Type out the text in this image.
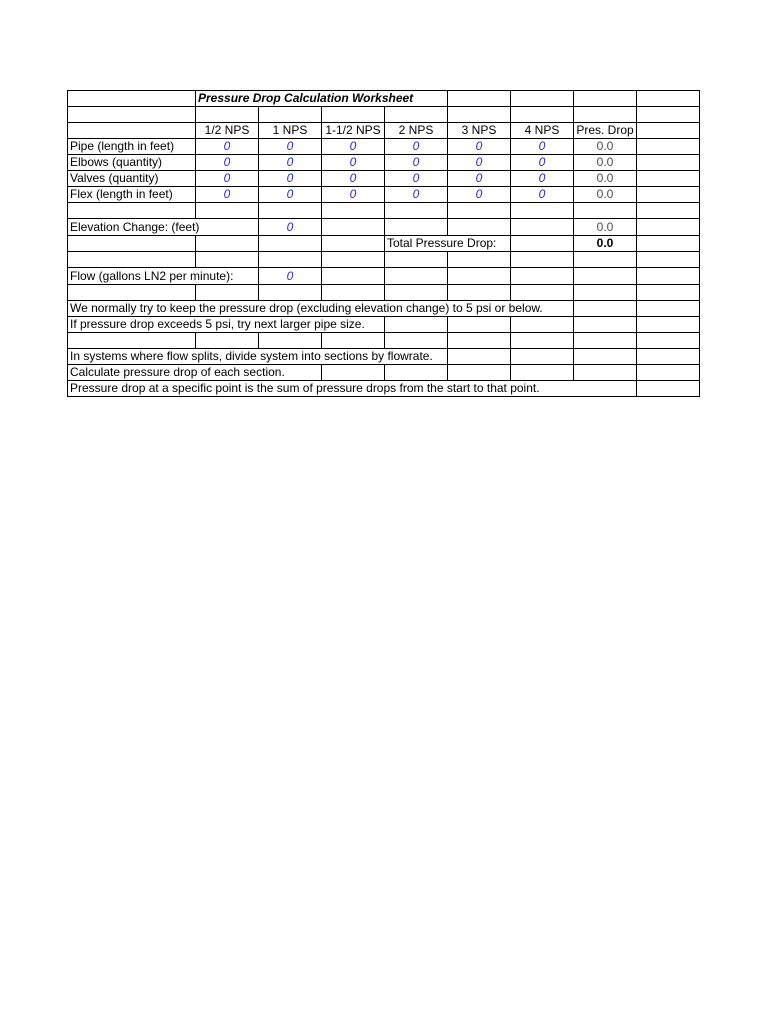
	Pressure Drop Calculation Worksheet							

	1/2 NPS	1 NPS	1-1/2 NPS	2 NPS	3 NPS	4 NPS	Pres. Drop	
Pipe (length in feet)	0	0	0	0	0	0	0.0	
Elbows (quantity)	0	0	0	0	0	0	0.0	
Valves (quantity)	0	0	0	0	0	0	0.0	
Flex (length in feet)	0	0	0	0	0	0	0.0	

Elevation Change: (feet)		0					0.0	
				Total Pressure Drop:			0.0	

Flow (gallons LN2 per minute):		0						

We normally try to keep the pressure drop (excluding elevation change) to 5 psi or below.								
If pressure drop exceeds 5 psi, try next larger pipe size.								

In systems where flow splits, divide system into sections by flowrate.								
Calculate pressure drop of each section.								
Pressure drop at a specific point is the sum of pressure drops from the start to that point.								
